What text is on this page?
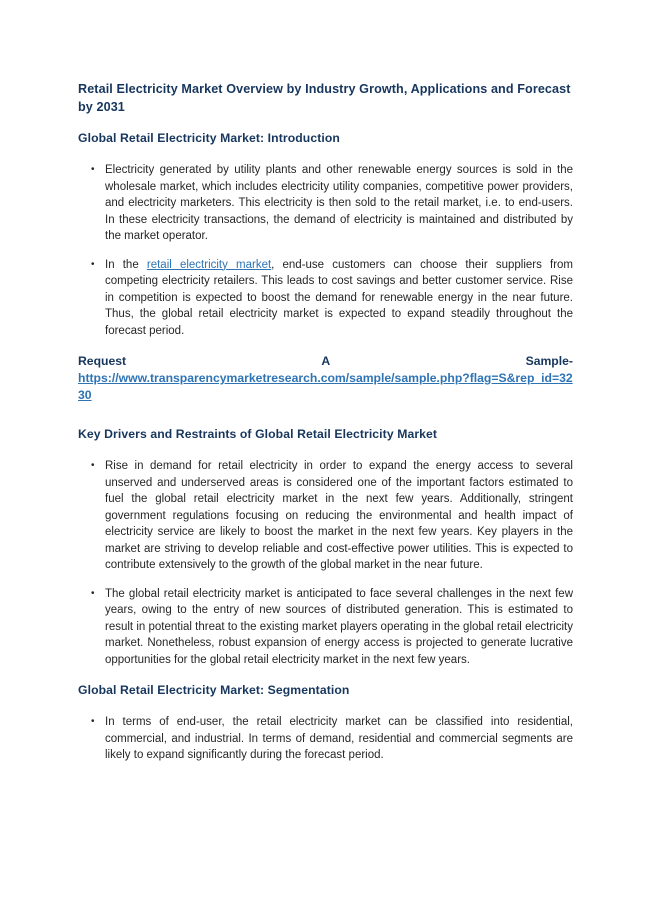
Retail Electricity Market Overview by Industry Growth, Applications and Forecast by 2031
Global Retail Electricity Market: Introduction
• Electricity generated by utility plants and other renewable energy sources is sold in the wholesale market, which includes electricity utility companies, competitive power providers, and electricity marketers. This electricity is then sold to the retail market, i.e. to end-users. In these electricity transactions, the demand of electricity is maintained and distributed by the market operator.
• In the retail electricity market, end-use customers can choose their suppliers from competing electricity retailers. This leads to cost savings and better customer service. Rise in competition is expected to boost the demand for renewable energy in the near future. Thus, the global retail electricity market is expected to expand steadily throughout the forecast period.
Request	A	Sample-
https://www.transparencymarketresearch.com/sample/sample.php?flag=S&rep_id=3230
Key Drivers and Restraints of Global Retail Electricity Market
• Rise in demand for retail electricity in order to expand the energy access to several unserved and underserved areas is considered one of the important factors estimated to fuel the global retail electricity market in the next few years. Additionally, stringent government regulations focusing on reducing the environmental and health impact of electricity service are likely to boost the market in the next few years. Key players in the market are striving to develop reliable and cost-effective power utilities. This is expected to contribute extensively to the growth of the global market in the near future.
• The global retail electricity market is anticipated to face several challenges in the next few years, owing to the entry of new sources of distributed generation. This is estimated to result in potential threat to the existing market players operating in the global retail electricity market. Nonetheless, robust expansion of energy access is projected to generate lucrative opportunities for the global retail electricity market in the next few years.
Global Retail Electricity Market: Segmentation
• In terms of end-user, the retail electricity market can be classified into residential, commercial, and industrial. In terms of demand, residential and commercial segments are likely to expand significantly during the forecast period.
